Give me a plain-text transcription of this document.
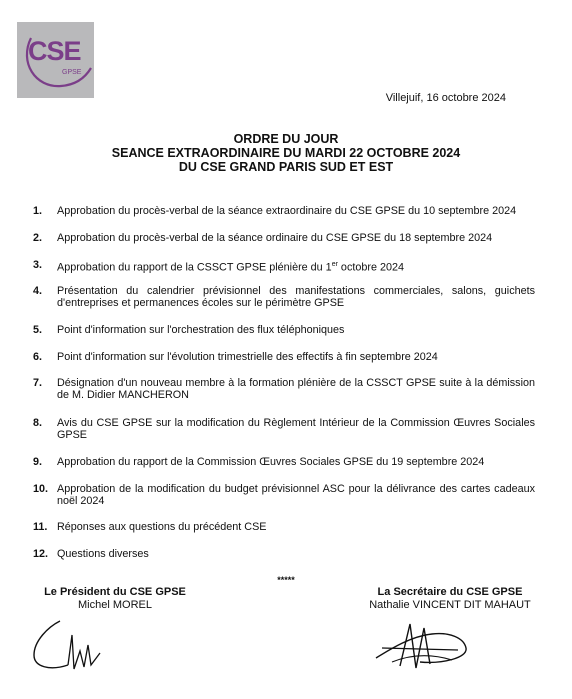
CSE
GPSE
Villejuif, 16 octobre 2024
ORDRE DU JOUR
SEANCE EXTRAORDINAIRE DU MARDI 22 OCTOBRE 2024
DU CSE GRAND PARIS SUD ET EST
1.	Approbation du procès-verbal de la séance extraordinaire du CSE GPSE du 10 septembre 2024
2.	Approbation du procès-verbal de la séance ordinaire du CSE GPSE du 18 septembre 2024
3.	Approbation du rapport de la CSSCT GPSE plénière du 1er octobre 2024
4.	Présentation du calendrier prévisionnel des manifestations commerciales, salons, guichets d'entreprises et permanences écoles sur le périmètre GPSE
5.	Point d'information sur l'orchestration des flux téléphoniques
6.	Point d'information sur l'évolution trimestrielle des effectifs à fin septembre 2024
7.	Désignation d'un nouveau membre à la formation plénière de la CSSCT GPSE suite à la démission de M. Didier MANCHERON
8.	Avis du CSE GPSE sur la modification du Règlement Intérieur de la Commission Œuvres Sociales GPSE
9.	Approbation du rapport de la Commission Œuvres Sociales GPSE du 19 septembre 2024
10. Approbation de la modification du budget prévisionnel ASC pour la délivrance des cartes cadeaux noël 2024
11. Réponses aux questions du précédent CSE
12. Questions diverses
*****
Le Président du CSE GPSE
Michel MOREL
La Secrétaire du CSE GPSE
Nathalie VINCENT DIT MAHAUT
